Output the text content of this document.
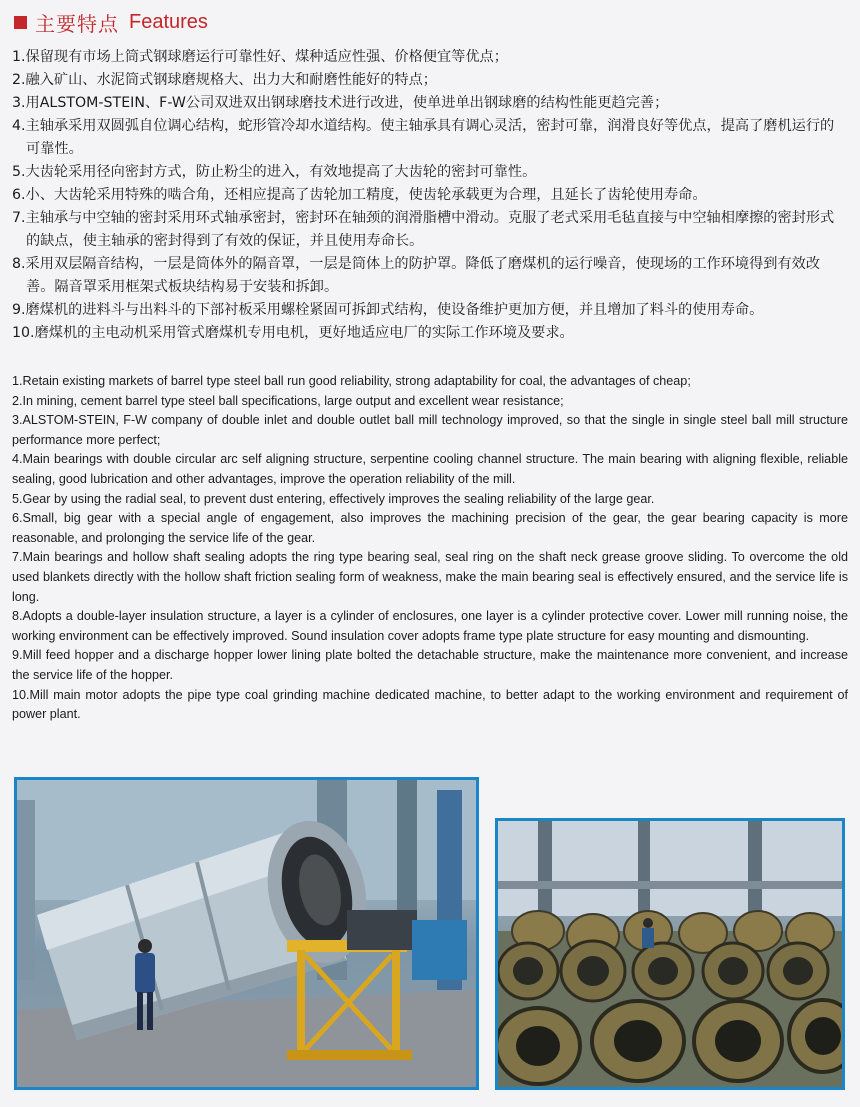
主要特点 Features
1.保留现有市场上筒式钢球磨运行可靠性好、煤种适应性强、价格便宜等优点；
2.融入矿山、水泥筒式钢球磨规格大、出力大和耐磨性能好的特点；
3.用ALSTOM-STEIN、F-W公司双进双出钢球磨技术进行改进，使单进单出钢球磨的结构性能更趋完善；
4.主轴承采用双圆弧自位调心结构，蛇形管冷却水道结构。使主轴承具有调心灵活，密封可靠，润滑良好等优点，提高了磨机运行的可靠性。
5.大齿轮采用径向密封方式，防止粉尘的进入，有效地提高了大齿轮的密封可靠性。
6.小、大齿轮采用特殊的啮合角，还相应提高了齿轮加工精度，使齿轮承载更为合理，且延长了齿轮使用寿命。
7.主轴承与中空轴的密封采用环式轴承密封，密封环在轴颈的润滑脂槽中滑动。克服了老式采用毛毡直接与中空轴相摩擦的密封形式的缺点，使主轴承的密封得到了有效的保证，并且使用寿命长。
8.采用双层隔音结构，一层是筒体外的隔音罩，一层是筒体上的防护罩。降低了磨煤机的运行噪音，使现场的工作环境得到有效改善。隔音罩采用框架式板块结构易于安装和拆卸。
9.磨煤机的进料斗与出料斗的下部衬板采用螺栓紧固可拆卸式结构，使设备维护更加方便，并且增加了料斗的使用寿命。
10.磨煤机的主电动机采用管式磨煤机专用电机，更好地适应电厂的实际工作环境及要求。
1.Retain existing markets of barrel type steel ball run good reliability, strong adaptability for coal, the advantages of cheap;
2.In mining, cement barrel type steel ball specifications, large output and excellent wear resistance;
3.ALSTOM-STEIN, F-W company of double inlet and double outlet ball mill technology improved, so that the single in single steel ball mill structure performance more perfect;
4.Main bearings with double circular arc self aligning structure, serpentine cooling channel structure. The main bearing with aligning flexible, reliable sealing, good lubrication and other advantages, improve the operation reliability of the mill.
5.Gear by using the radial seal, to prevent dust entering, effectively improves the sealing reliability of the large gear.
6.Small, big gear with a special angle of engagement, also improves the machining precision of the gear, the gear bearing capacity is more reasonable, and prolonging the service life of the gear.
7.Main bearings and hollow shaft sealing adopts the ring type bearing seal, seal ring on the shaft neck grease groove sliding. To overcome the old used blankets directly with the hollow shaft friction sealing form of weakness, make the main bearing seal is effectively ensured, and the service life is long.
8.Adopts a double-layer insulation structure, a layer is a cylinder of enclosures, one layer is a cylinder protective cover. Lower mill running noise, the working environment can be effectively improved. Sound insulation cover adopts frame type plate structure for easy mounting and dismounting.
9.Mill feed hopper and a discharge hopper lower lining plate bolted the detachable structure, make the maintenance more convenient, and increase the service life of the hopper.
10.Mill main motor adopts the pipe type coal grinding machine dedicated machine, to better adapt to the working environment and requirement of power plant.
